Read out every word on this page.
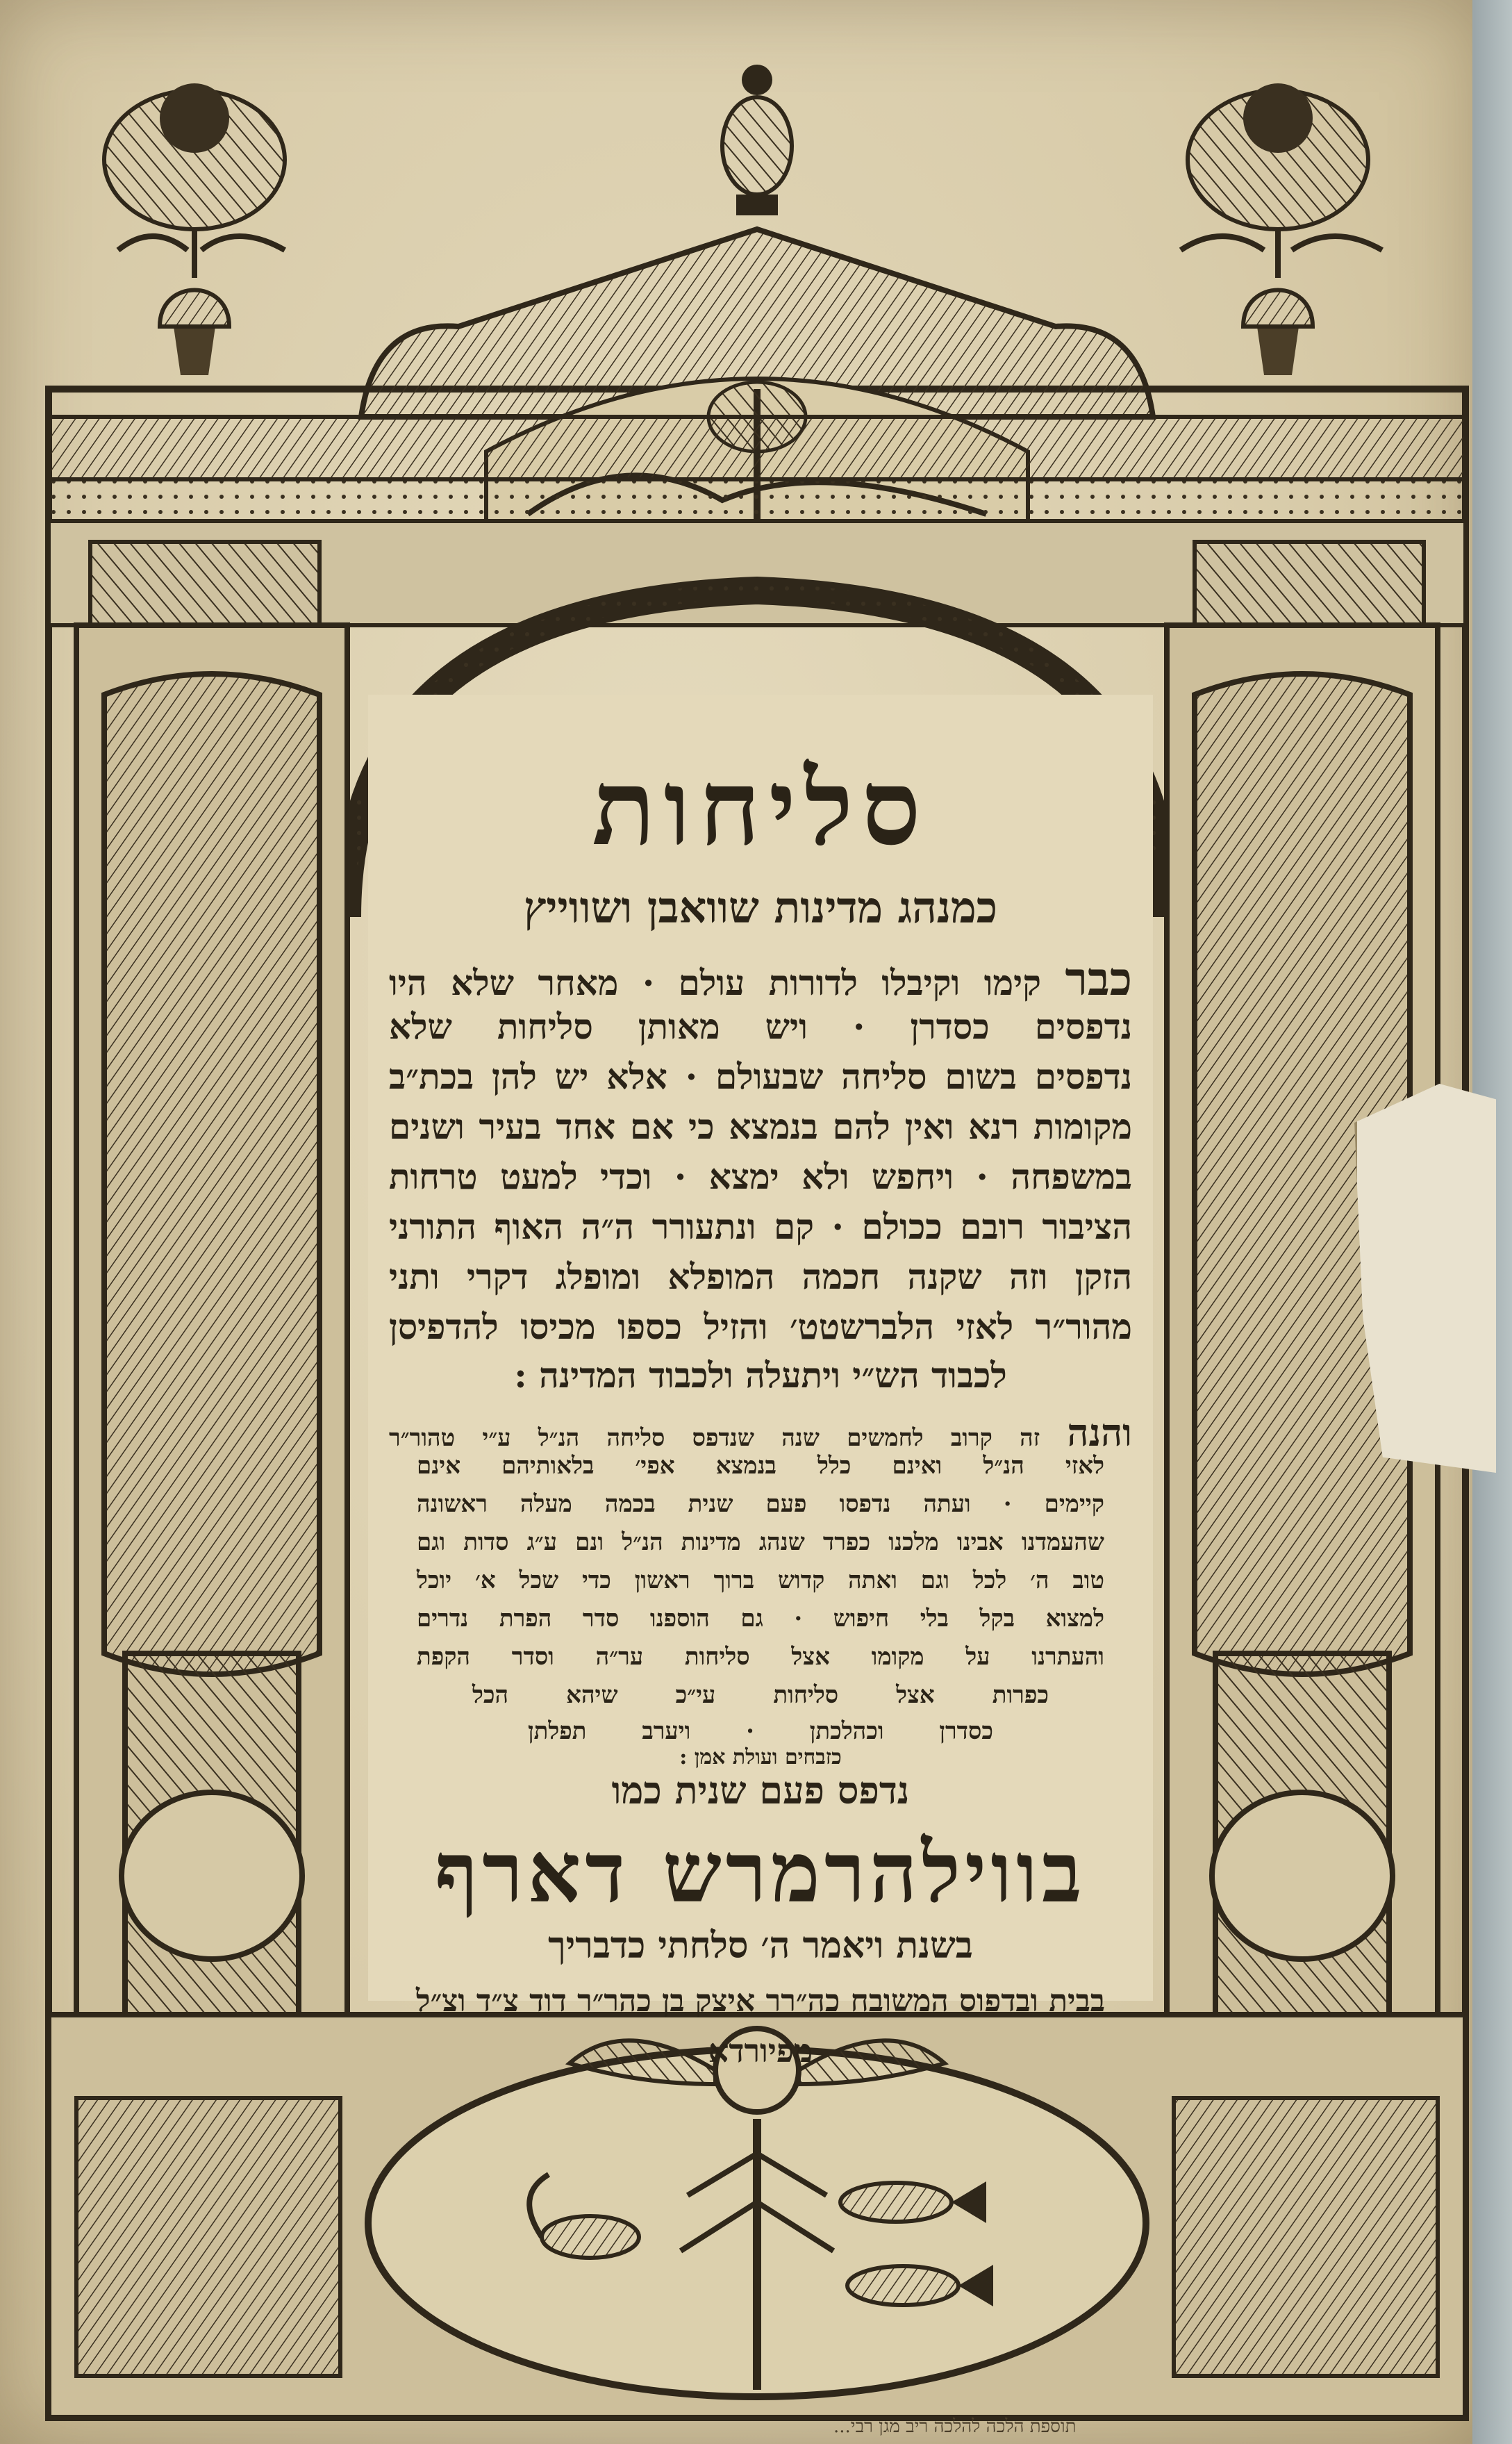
סליחות
כמנהג מדינות שוואבן ושווייץ
כבר קימו וקיבלו לדורות עולם · מאחר שלא היו
נדפסים כסדרן · ויש מאותן סליחות שלא
נדפסים בשום סליחה שבעולם · אלא יש להן בכת״ב
מקומות רנא ואין להם בנמצא כי אם אחד בעיר ושנים
במשפחה · ויחפש ולא ימצא · וכדי למעט טרחות
הציבור רובם ככולם · קם ונתעורר ה״ה האוף התורני
הזקן וזה שקנה חכמה המופלא ומופלג דקרי ותני
מהור״ר לאזי הלברשטט׳ והזיל כספו מכיסו להדפיסן
לכבוד הש״י ויתעלה ולכבוד המדינה :
והנה זה קרוב לחמשים שנה שנדפס סליחה הנ״ל ע״י טהור״ר
לאזי הנ״ל ואינם כלל בנמצא אפי׳ בלאותיהם אינם
קיימים · ועתה נדפסו פעם שנית בכמה מעלה ראשונה
שהעמדנו אבינו מלכנו כפרד שנהג מדינות הנ״ל ונם ע״ג סדות וגם
טוב ה׳ לכל וגם ואתה קדוש ברוך ראשון כדי שכל א׳ יוכל
למצוא בקל בלי חיפוש · גם הוספנו סדר הפרת נדרים
והעתרנו על מקומו אצל סליחות ער״ה וסדר הקפת
כפרות אצל סליחות עי״כ שיהא הכל
כסדרן וכהלכתן · ויערב תפלתן
כזבחים ועולת אמן :
נדפס פעם שנית כמו
בווילהרמרש דארף
בשנת ויאמר ה׳ סלחתי כדבריך
בבית ובדפוס המשובח כה״רר איצק בן כהר״ר דוד צ״ד וצ״ל
מפיורדא
תוספת הלכה להלכה ריב מגן רבי...
